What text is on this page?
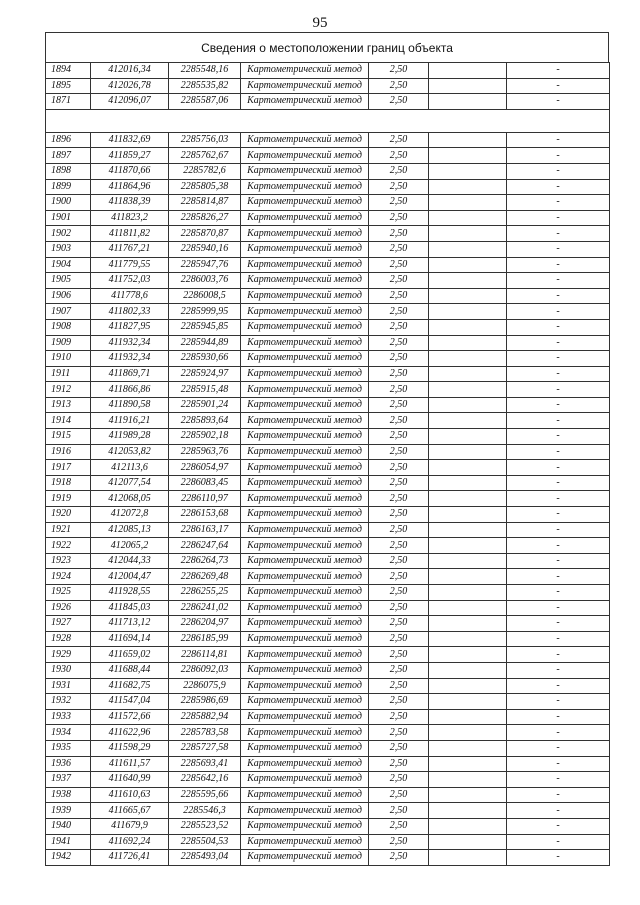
95
Сведения о местоположении границ объекта
1894	412016,34	2285548,16	Картометрический метод	2,50		-
1895	412026,78	2285535,82	Картометрический метод	2,50		-
1871	412096,07	2285587,06	Картометрический метод	2,50		-

1896	411832,69	2285756,03	Картометрический метод	2,50		-
1897	411859,27	2285762,67	Картометрический метод	2,50		-
1898	411870,66	2285782,6	Картометрический метод	2,50		-
1899	411864,96	2285805,38	Картометрический метод	2,50		-
1900	411838,39	2285814,87	Картометрический метод	2,50		-
1901	411823,2	2285826,27	Картометрический метод	2,50		-
1902	411811,82	2285870,87	Картометрический метод	2,50		-
1903	411767,21	2285940,16	Картометрический метод	2,50		-
1904	411779,55	2285947,76	Картометрический метод	2,50		-
1905	411752,03	2286003,76	Картометрический метод	2,50		-
1906	411778,6	2286008,5	Картометрический метод	2,50		-
1907	411802,33	2285999,95	Картометрический метод	2,50		-
1908	411827,95	2285945,85	Картометрический метод	2,50		-
1909	411932,34	2285944,89	Картометрический метод	2,50		-
1910	411932,34	2285930,66	Картометрический метод	2,50		-
1911	411869,71	2285924,97	Картометрический метод	2,50		-
1912	411866,86	2285915,48	Картометрический метод	2,50		-
1913	411890,58	2285901,24	Картометрический метод	2,50		-
1914	411916,21	2285893,64	Картометрический метод	2,50		-
1915	411989,28	2285902,18	Картометрический метод	2,50		-
1916	412053,82	2285963,76	Картометрический метод	2,50		-
1917	412113,6	2286054,97	Картометрический метод	2,50		-
1918	412077,54	2286083,45	Картометрический метод	2,50		-
1919	412068,05	2286110,97	Картометрический метод	2,50		-
1920	412072,8	2286153,68	Картометрический метод	2,50		-
1921	412085,13	2286163,17	Картометрический метод	2,50		-
1922	412065,2	2286247,64	Картометрический метод	2,50		-
1923	412044,33	2286264,73	Картометрический метод	2,50		-
1924	412004,47	2286269,48	Картометрический метод	2,50		-
1925	411928,55	2286255,25	Картометрический метод	2,50		-
1926	411845,03	2286241,02	Картометрический метод	2,50		-
1927	411713,12	2286204,97	Картометрический метод	2,50		-
1928	411694,14	2286185,99	Картометрический метод	2,50		-
1929	411659,02	2286114,81	Картометрический метод	2,50		-
1930	411688,44	2286092,03	Картометрический метод	2,50		-
1931	411682,75	2286075,9	Картометрический метод	2,50		-
1932	411547,04	2285986,69	Картометрический метод	2,50		-
1933	411572,66	2285882,94	Картометрический метод	2,50		-
1934	411622,96	2285783,58	Картометрический метод	2,50		-
1935	411598,29	2285727,58	Картометрический метод	2,50		-
1936	411611,57	2285693,41	Картометрический метод	2,50		-
1937	411640,99	2285642,16	Картометрический метод	2,50		-
1938	411610,63	2285595,66	Картометрический метод	2,50		-
1939	411665,67	2285546,3	Картометрический метод	2,50		-
1940	411679,9	2285523,52	Картометрический метод	2,50		-
1941	411692,24	2285504,53	Картометрический метод	2,50		-
1942	411726,41	2285493,04	Картометрический метод	2,50		-
